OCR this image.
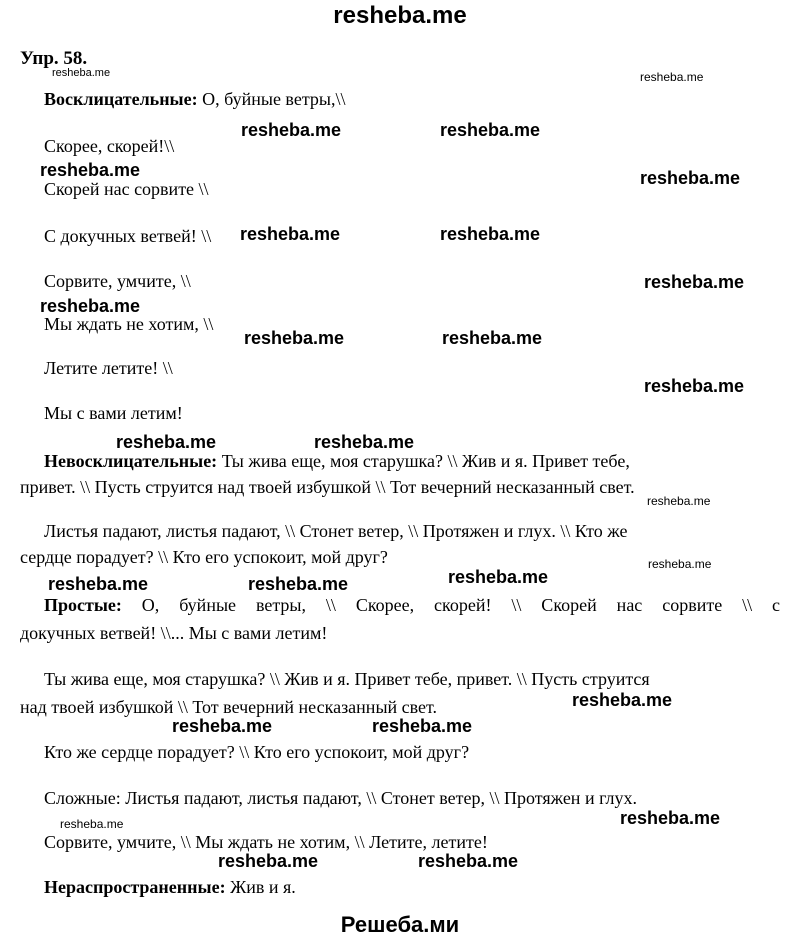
resheba.me
Упр. 58.
resheba.me	resheba.me
Восклицательные: О, буйные ветры,\\
resheba.me	resheba.me
Скорее, скорей!\\
resheba.me	resheba.me
Скорей нас сорвите \\
С докучных ветвей! \\ resheba.me	resheba.me
Сорвите, умчите, \\	resheba.me
resheba.me
Мы ждать не хотим, \\
resheba.me	resheba.me
Летите летите! \\
resheba.me
Мы с вами летим!
resheba.me	resheba.me
Невосклицательные: Ты жива еще, моя старушка? \\ Жив и я. Привет тебе,
привет. \\ Пусть струится над твоей избушкой \\ Тот вечерний несказанный свет.
resheba.me
Листья падают, листья падают, \\ Стонет ветер, \\ Протяжен и глух. \\ Кто же
сердце порадует? \\ Кто его успокоит, мой друг?	resheba.me
resheba.me
resheba.me	resheba.me
Простые: О, буйные ветры, \\ Скорее, скорей! \\ Скорей нас сорвите \\ с
докучных ветвей! \\... Мы с вами летим!
Ты жива еще, моя старушка? \\ Жив и я. Привет тебе, привет. \\ Пусть струится
над твоей избушкой \\ Тот вечерний несказанный свет.	resheba.me
resheba.me	resheba.me
Кто же сердце порадует? \\ Кто его успокоит, мой друг?
Сложные: Листья падают, листья падают, \\ Стонет ветер, \\ Протяжен и глух.
resheba.me
resheba.me
Сорвите, умчите, \\ Мы ждать не хотим, \\ Летите, летите!
resheba.me	resheba.me
Нераспространенные: Жив и я.
Решеба.ми
